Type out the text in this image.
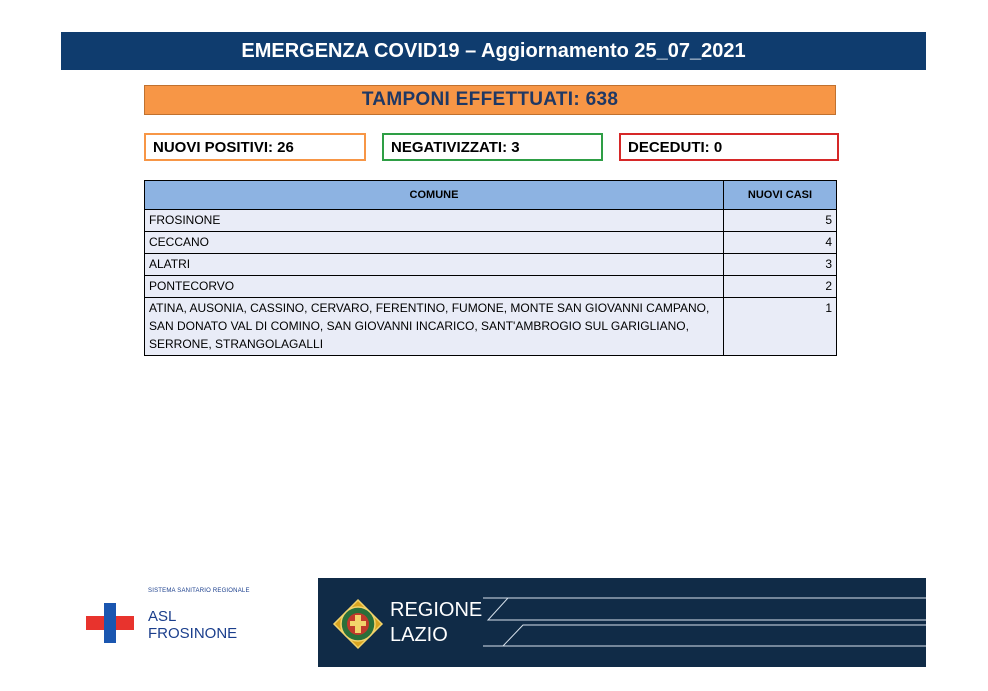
EMERGENZA COVID19 – Aggiornamento 25_07_2021
TAMPONI EFFETTUATI: 638
NUOVI POSITIVI: 26	NEGATIVIZZATI: 3	DECEDUTI: 0
COMUNE	NUOVI CASI
FROSINONE	5
CECCANO	4
ALATRI	3
PONTECORVO	2
ATINA, AUSONIA, CASSINO, CERVARO, FERENTINO, FUMONE, MONTE SAN GIOVANNI CAMPANO, SAN DONATO VAL DI COMINO, SAN GIOVANNI INCARICO, SANT'AMBROGIO SUL GARIGLIANO, SERRONE, STRANGOLAGALLI	1
SISTEMA SANITARIO REGIONALE
ASL
FROSINONE
REGIONE
LAZIO
